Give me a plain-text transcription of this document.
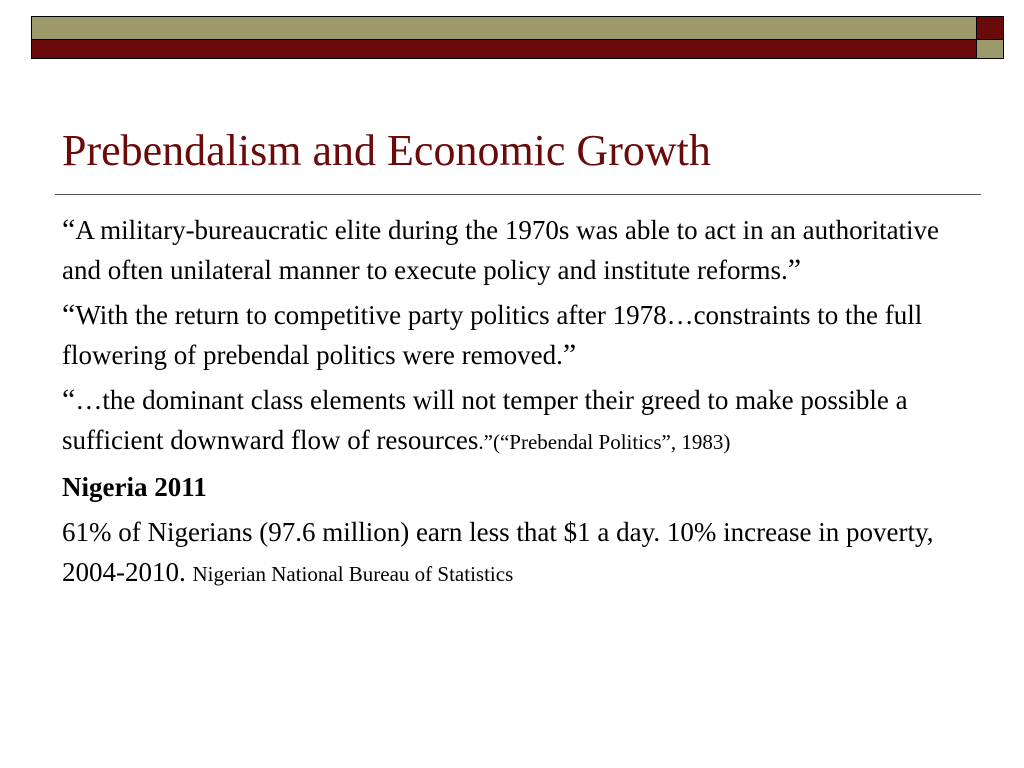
Prebendalism and Economic Growth

“A military-bureaucratic elite during the 1970s was able to act in an authoritative and often unilateral manner to execute policy and institute reforms.”

“With the return to competitive party politics after 1978…constraints to the full flowering of prebendal politics were removed.”

“…the dominant class elements will not temper their greed to make possible a sufficient downward flow of resources.”(“Prebendal Politics”, 1983)

Nigeria 2011

61% of Nigerians (97.6 million) earn less that $1 a day. 10% increase in poverty, 2004-2010. Nigerian National Bureau of Statistics
